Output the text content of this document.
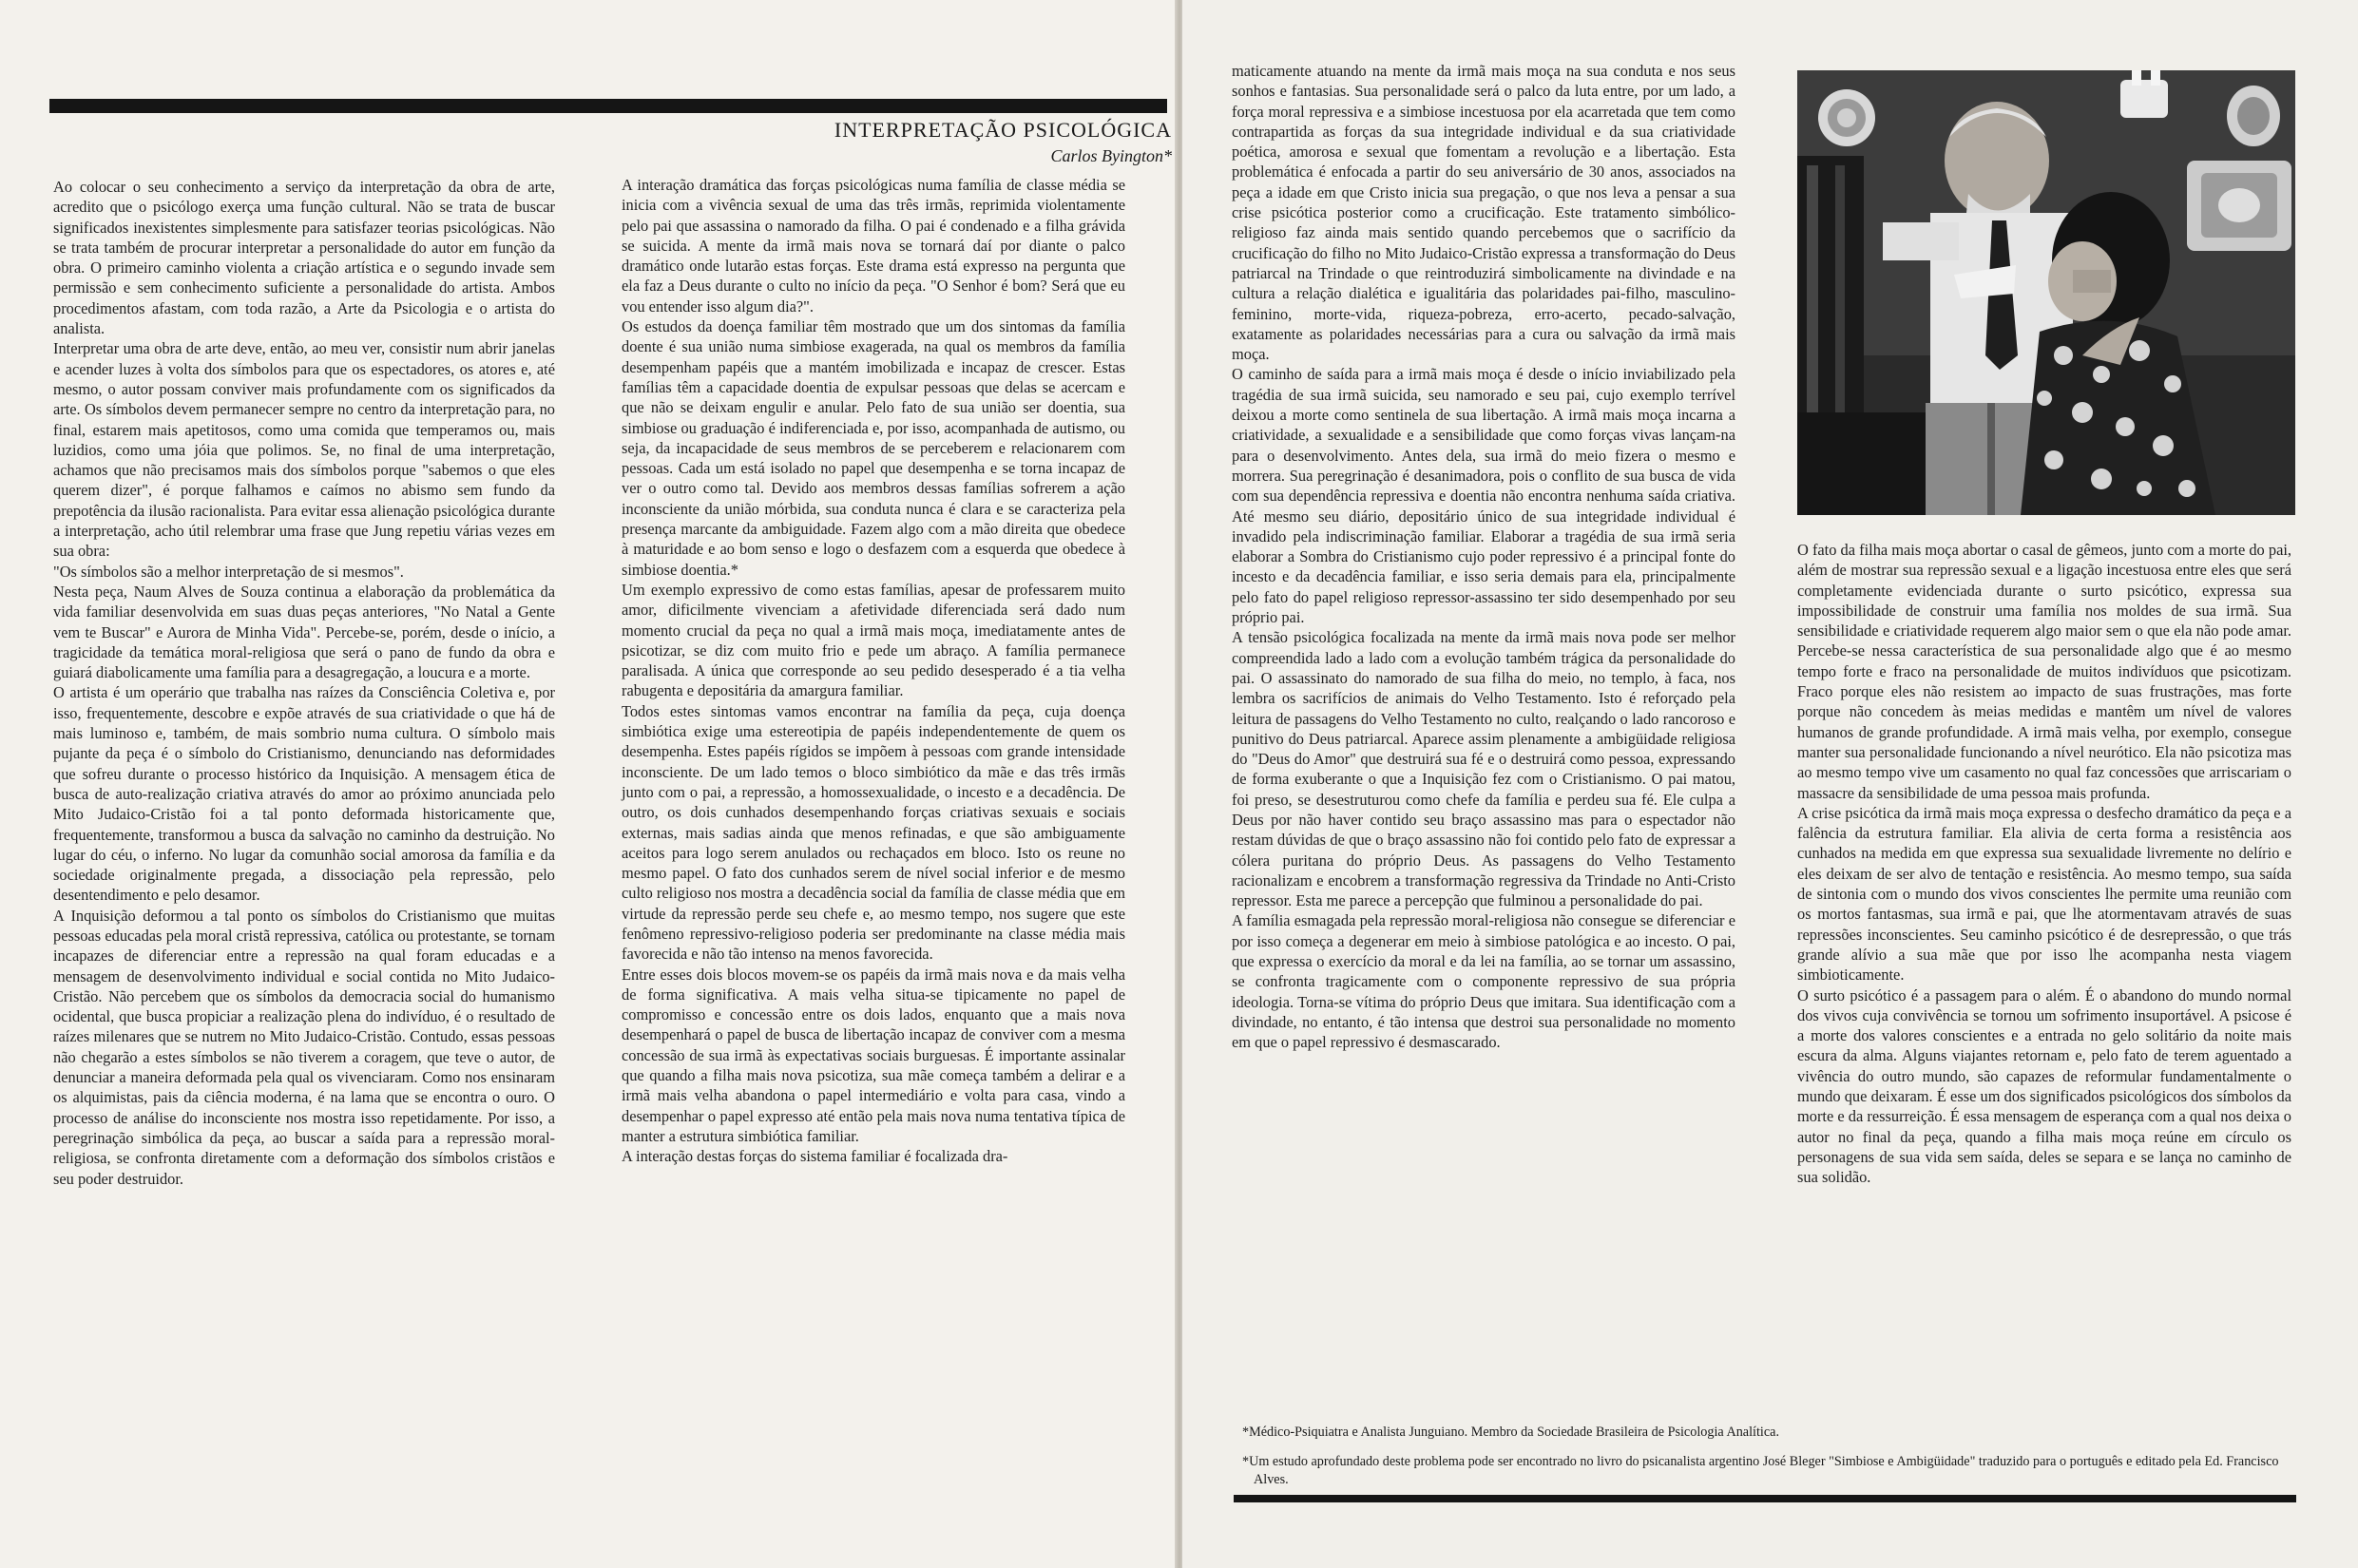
INTERPRETAÇÃO PSICOLÓGICA
Carlos Byington*

Ao colocar o seu conhecimento a serviço da interpretação da obra de arte, acredito que o psicólogo exerça uma função cultural. Não se trata de buscar significados inexistentes simplesmente para satisfazer teorias psicológicas. Não se trata também de procurar interpretar a personalidade do autor em função da obra. O primeiro caminho violenta a criação artística e o segundo invade sem permissão e sem conhecimento suficiente a personalidade do artista. Ambos procedimentos afastam, com toda razão, a Arte da Psicologia e o artista do analista.

Interpretar uma obra de arte deve, então, ao meu ver, consistir num abrir janelas e acender luzes à volta dos símbolos para que os espectadores, os atores e, até mesmo, o autor possam conviver mais profundamente com os significados da arte. Os símbolos devem permanecer sempre no centro da interpretação para, no final, estarem mais apetitosos, como uma comida que temperamos ou, mais luzidios, como uma jóia que polimos. Se, no final de uma interpretação, achamos que não precisamos mais dos símbolos porque "sabemos o que eles querem dizer", é porque falhamos e caímos no abismo sem fundo da prepotência da ilusão racionalista. Para evitar essa alienação psicológica durante a interpretação, acho útil relembrar uma frase que Jung repetiu várias vezes em sua obra:

"Os símbolos são a melhor interpretação de si mesmos".

Nesta peça, Naum Alves de Souza continua a elaboração da problemática da vida familiar desenvolvida em suas duas peças anteriores, "No Natal a Gente vem te Buscar" e Aurora de Minha Vida". Percebe-se, porém, desde o início, a tragicidade da temática moral-religiosa que será o pano de fundo da obra e guiará diabolicamente uma família para a desagregação, a loucura e a morte.

O artista é um operário que trabalha nas raízes da Consciência Coletiva e, por isso, frequentemente, descobre e expõe através de sua criatividade o que há de mais luminoso e, também, de mais sombrio numa cultura. O símbolo mais pujante da peça é o símbolo do Cristianismo, denunciando nas deformidades que sofreu durante o processo histórico da Inquisição. A mensagem ética de busca de auto-realização criativa através do amor ao próximo anunciada pelo Mito Judaico-Cristão foi a tal ponto deformada historicamente que, frequentemente, transformou a busca da salvação no caminho da destruição. No lugar do céu, o inferno. No lugar da comunhão social amorosa da família e da sociedade originalmente pregada, a dissociação pela repressão, pelo desentendimento e pelo desamor.

A Inquisição deformou a tal ponto os símbolos do Cristianismo que muitas pessoas educadas pela moral cristã repressiva, católica ou protestante, se tornam incapazes de diferenciar entre a repressão na qual foram educadas e a mensagem de desenvolvimento individual e social contida no Mito Judaico-Cristão. Não percebem que os símbolos da democracia social do humanismo ocidental, que busca propiciar a realização plena do indivíduo, é o resultado de raízes milenares que se nutrem no Mito Judaico-Cristão. Contudo, essas pessoas não chegarão a estes símbolos se não tiverem a coragem, que teve o autor, de denunciar a maneira deformada pela qual os vivenciaram. Como nos ensinaram os alquimistas, pais da ciência moderna, é na lama que se encontra o ouro. O processo de análise do inconsciente nos mostra isso repetidamente. Por isso, a peregrinação simbólica da peça, ao buscar a saída para a repressão moral-religiosa, se confronta diretamente com a deformação dos símbolos cristãos e seu poder destruidor.

A interação dramática das forças psicológicas numa família de classe média se inicia com a vivência sexual de uma das três irmãs, reprimida violentamente pelo pai que assassina o namorado da filha. O pai é condenado e a filha grávida se suicida. A mente da irmã mais nova se tornará daí por diante o palco dramático onde lutarão estas forças. Este drama está expresso na pergunta que ela faz a Deus durante o culto no início da peça. "O Senhor é bom? Será que eu vou entender isso algum dia?".

Os estudos da doença familiar têm mostrado que um dos sintomas da família doente é sua união numa simbiose exagerada, na qual os membros da família desempenham papéis que a mantém imobilizada e incapaz de crescer. Estas famílias têm a capacidade doentia de expulsar pessoas que delas se acercam e que não se deixam engulir e anular. Pelo fato de sua união ser doentia, sua simbiose ou graduação é indiferenciada e, por isso, acompanhada de autismo, ou seja, da incapacidade de seus membros de se perceberem e relacionarem com pessoas. Cada um está isolado no papel que desempenha e se torna incapaz de ver o outro como tal. Devido aos membros dessas famílias sofrerem a ação inconsciente da união mórbida, sua conduta nunca é clara e se caracteriza pela presença marcante da ambiguidade. Fazem algo com a mão direita que obedece à maturidade e ao bom senso e logo o desfazem com a esquerda que obedece à simbiose doentia.*

Um exemplo expressivo de como estas famílias, apesar de professarem muito amor, dificilmente vivenciam a afetividade diferenciada será dado num momento crucial da peça no qual a irmã mais moça, imediatamente antes de psicotizar, se diz com muito frio e pede um abraço. A família permanece paralisada. A única que corresponde ao seu pedido desesperado é a tia velha rabugenta e depositária da amargura familiar.

Todos estes sintomas vamos encontrar na família da peça, cuja doença simbiótica exige uma estereotipia de papéis independentemente de quem os desempenha. Estes papéis rígidos se impõem à pessoas com grande intensidade inconsciente. De um lado temos o bloco simbiótico da mãe e das três irmãs junto com o pai, a repressão, a homossexualidade, o incesto e a decadência. De outro, os dois cunhados desempenhando forças criativas sexuais e sociais externas, mais sadias ainda que menos refinadas, e que são ambiguamente aceitos para logo serem anulados ou rechaçados em bloco. Isto os reune no mesmo papel. O fato dos cunhados serem de nível social inferior e de mesmo culto religioso nos mostra a decadência social da família de classe média que em virtude da repressão perde seu chefe e, ao mesmo tempo, nos sugere que este fenômeno repressivo-religioso poderia ser predominante na classe média mais favorecida e não tão intenso na menos favorecida.

Entre esses dois blocos movem-se os papéis da irmã mais nova e da mais velha de forma significativa. A mais velha situa-se tipicamente no papel de compromisso e concessão entre os dois lados, enquanto que a mais nova desempenhará o papel de busca de libertação incapaz de conviver com a mesma concessão de sua irmã às expectativas sociais burguesas. É importante assinalar que quando a filha mais nova psicotiza, sua mãe começa também a delirar e a irmã mais velha abandona o papel intermediário e volta para casa, vindo a desempenhar o papel expresso até então pela mais nova numa tentativa típica de manter a estrutura simbiótica familiar.

A interação destas forças do sistema familiar é focalizada dra-

maticamente atuando na mente da irmã mais moça na sua conduta e nos seus sonhos e fantasias. Sua personalidade será o palco da luta entre, por um lado, a força moral repressiva e a simbiose incestuosa por ela acarretada que tem como contrapartida as forças da sua integridade individual e da sua criatividade poética, amorosa e sexual que fomentam a revolução e a libertação. Esta problemática é enfocada a partir do seu aniversário de 30 anos, associados na peça a idade em que Cristo inicia sua pregação, o que nos leva a pensar a sua crise psicótica posterior como a crucificação. Este tratamento simbólico-religioso faz ainda mais sentido quando percebemos que o sacrifício da crucificação do filho no Mito Judaico-Cristão expressa a transformação do Deus patriarcal na Trindade o que reintroduzirá simbolicamente na divindade e na cultura a relação dialética e igualitária das polaridades pai-filho, masculino-feminino, morte-vida, riqueza-pobreza, erro-acerto, pecado-salvação, exatamente as polaridades necessárias para a cura ou salvação da irmã mais moça.

O caminho de saída para a irmã mais moça é desde o início inviabilizado pela tragédia de sua irmã suicida, seu namorado e seu pai, cujo exemplo terrível deixou a morte como sentinela de sua libertação. A irmã mais moça incarna a criatividade, a sexualidade e a sensibilidade que como forças vivas lançam-na para o desenvolvimento. Antes dela, sua irmã do meio fizera o mesmo e morrera. Sua peregrinação é desanimadora, pois o conflito de sua busca de vida com sua dependência repressiva e doentia não encontra nenhuma saída criativa. Até mesmo seu diário, depositário único de sua integridade individual é invadido pela indiscriminação familiar. Elaborar a tragédia de sua irmã seria elaborar a Sombra do Cristianismo cujo poder repressivo é a principal fonte do incesto e da decadência familiar, e isso seria demais para ela, principalmente pelo fato do papel religioso repressor-assassino ter sido desempenhado por seu próprio pai.

A tensão psicológica focalizada na mente da irmã mais nova pode ser melhor compreendida lado a lado com a evolução também trágica da personalidade do pai. O assassinato do namorado de sua filha do meio, no templo, à faca, nos lembra os sacrifícios de animais do Velho Testamento. Isto é reforçado pela leitura de passagens do Velho Testamento no culto, realçando o lado rancoroso e punitivo do Deus patriarcal. Aparece assim plenamente a ambigüidade religiosa do "Deus do Amor" que destruirá sua fé e o destruirá como pessoa, expressando de forma exuberante o que a Inquisição fez com o Cristianismo. O pai matou, foi preso, se desestruturou como chefe da família e perdeu sua fé. Ele culpa a Deus por não haver contido seu braço assassino mas para o espectador não restam dúvidas de que o braço assassino não foi contido pelo fato de expressar a cólera puritana do próprio Deus. As passagens do Velho Testamento racionalizam e encobrem a transformação regressiva da Trindade no Anti-Cristo repressor. Esta me parece a percepção que fulminou a personalidade do pai.

A família esmagada pela repressão moral-religiosa não consegue se diferenciar e por isso começa a degenerar em meio à simbiose patológica e ao incesto. O pai, que expressa o exercício da moral e da lei na família, ao se tornar um assassino, se confronta tragicamente com o componente repressivo de sua própria ideologia. Torna-se vítima do próprio Deus que imitara. Sua identificação com a divindade, no entanto, é tão intensa que destroi sua personalidade no momento em que o papel repressivo é desmascarado.

O fato da filha mais moça abortar o casal de gêmeos, junto com a morte do pai, além de mostrar sua repressão sexual e a ligação incestuosa entre eles que será completamente evidenciada durante o surto psicótico, expressa sua impossibilidade de construir uma família nos moldes de sua irmã. Sua sensibilidade e criatividade requerem algo maior sem o que ela não pode amar. Percebe-se nessa característica de sua personalidade algo que é ao mesmo tempo forte e fraco na personalidade de muitos indivíduos que psicotizam. Fraco porque eles não resistem ao impacto de suas frustrações, mas forte porque não concedem às meias medidas e mantêm um nível de valores humanos de grande profundidade. A irmã mais velha, por exemplo, consegue manter sua personalidade funcionando a nível neurótico. Ela não psicotiza mas ao mesmo tempo vive um casamento no qual faz concessões que arriscariam o massacre da sensibilidade de uma pessoa mais profunda.

A crise psicótica da irmã mais moça expressa o desfecho dramático da peça e a falência da estrutura familiar. Ela alivia de certa forma a resistência aos cunhados na medida em que expressa sua sexualidade livremente no delírio e eles deixam de ser alvo de tentação e resistência. Ao mesmo tempo, sua saída de sintonia com o mundo dos vivos conscientes lhe permite uma reunião com os mortos fantasmas, sua irmã e pai, que lhe atormentavam através de suas repressões inconscientes. Seu caminho psicótico é de desrepressão, o que trás grande alívio a sua mãe que por isso lhe acompanha nesta viagem simbioticamente.

O surto psicótico é a passagem para o além. É o abandono do mundo normal dos vivos cuja convivência se tornou um sofrimento insuportável. A psicose é a morte dos valores conscientes e a entrada no gelo solitário da noite mais escura da alma. Alguns viajantes retornam e, pelo fato de terem aguentado a vivência do outro mundo, são capazes de reformular fundamentalmente o mundo que deixaram. É esse um dos significados psicológicos dos símbolos da morte e da ressurreição. É essa mensagem de esperança com a qual nos deixa o autor no final da peça, quando a filha mais moça reúne em círculo os personagens de sua vida sem saída, deles se separa e se lança no caminho de sua solidão.

*Médico-Psiquiatra e Analista Junguiano. Membro da Sociedade Brasileira de Psicologia Analítica.

*Um estudo aprofundado deste problema pode ser encontrado no livro do psicanalista argentino José Bleger "Simbiose e Ambigüidade" traduzido para o português e editado pela Ed. Francisco Alves.
